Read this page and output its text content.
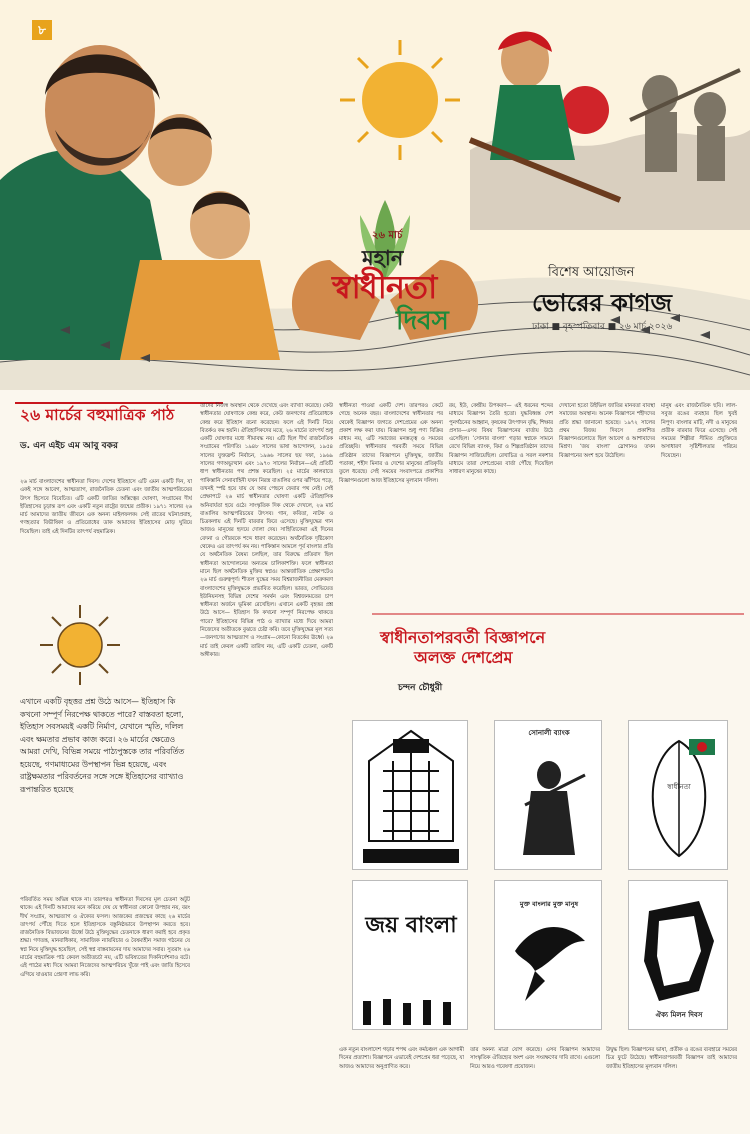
৮
২৬ মার্চ
মহান
স্বাধীনতা
দিবস
বিশেষ আয়োজন
ভোরের কাগজ
ঢাকা ■ বৃহস্পতিবার ■ ২৬ মার্চ ২০২৬
২৬ মার্চের বহুমাত্রিক পাঠ
ড. এন এইচ এম আবু বকর
২৬ মার্চ বাংলাদেশের স্বাধীনতা দিবস। দেশের ইতিহাসে এটি এমন একটি দিন, যা একই সঙ্গে আবেগ, আত্মত্যাগ, রাজনৈতিক চেতনা এবং জাতীয় আত্মপরিচয়ের উৎস হিসেবে বিবেচিত। এটি একটি জাতির অস্তিত্বের ঘোষণা, সংগ্রামের দীর্ঘ ইতিহাসের চূড়ান্ত রূপ এবং একটি নতুন রাষ্ট্রের জন্মের প্রতীক। ১৯৭১ সালের ২৬ মার্চ আমাদের জাতীয় জীবনে এক অনন্য মাইলফলক। সেই রাতের ঘটনাপ্রবাহ, গণহত্যার বিভীষিকা ও প্রতিরোধের ডাক আমাদের ইতিহাসের মোড় ঘুরিয়ে দিয়েছিল। তাই এই দিনটির তাৎপর্য বহুমাত্রিক।
এখানে একটি বৃহত্তর প্রশ্ন উঠে আসে— ইতিহাস কি কখনো সম্পূর্ণ নিরপেক্ষ থাকতে পারে? বাস্তবতা হলো, ইতিহাস সবসময়ই একটি নির্মাণ, যেখানে স্মৃতি, দলিল এবং ক্ষমতার প্রভাব কাজ করে। ২৬ মার্চের ক্ষেত্রেও আমরা দেখি, বিভিন্ন সময়ে পাঠ্যপুস্তকে তার পরিবর্তিত হয়েছে, গণমাধ্যমের উপস্থাপন ভিন্ন হয়েছে, এবং রাষ্ট্রক্ষমতার পরিবর্তনের সঙ্গে সঙ্গে ইতিহাসের ব্যাখ্যাও রূপান্তরিত হয়েছে
পরিবর্তিত সময় অভিন্ন থাকে না। তারপরও স্বাধীনতা দিবসের মূল চেতনা অটুট থাকে। এই দিনটি আমাদের মনে করিয়ে দেয় যে স্বাধীনতা কোনো উপহার নয়, বরং দীর্ঘ সংগ্রাম, আত্মত্যাগ ও ঐক্যের ফসল। আজকের প্রজন্মের কাছে ২৬ মার্চের তাৎপর্য পৌঁছে দিতে হলে ইতিহাসকে বস্তুনিষ্ঠভাবে উপস্থাপন করতে হবে। রাজনৈতিক বিভাজনের ঊর্ধ্বে উঠে মুক্তিযুদ্ধের চেতনাকে ধারণ করাই হবে প্রকৃত শ্রদ্ধা। গণতন্ত্র, মানবাধিকার, সামাজিক ন্যায়বিচার ও বৈষম্যহীন সমাজ গঠনের যে স্বপ্ন নিয়ে মুক্তিযুদ্ধ হয়েছিল, সেই স্বপ্ন বাস্তবায়নের দায় আমাদের সবার। সুতরাং ২৬ মার্চের বহুমাত্রিক পাঠ কেবল অতীতচর্চা নয়, এটি ভবিষ্যতের দিকনির্দেশনাও বটে। এই পাঠের মধ্য দিয়ে আমরা নিজেদের আত্মপরিচয় খুঁজে পাই এবং জাতি হিসেবে এগিয়ে যাওয়ার প্রেরণা লাভ করি।
তাদের নিজস্ব অবস্থান থেকে দেখেছে এবং ব্যাখ্যা করেছে। কেউ স্বাধীনতার ঘোষণাকে কেন্দ্র করে, কেউ জনগণের প্রতিরোধকে কেন্দ্র করে ইতিহাস রচনা করেছেন। ফলে এই দিনটি নিয়ে বিতর্কও কম হয়নি। ঐতিহাসিকদের মতে, ২৬ মার্চের তাৎপর্য শুধু একটি ঘোষণার মধ্যে সীমাবদ্ধ নয়। এটি ছিল দীর্ঘ রাজনৈতিক সংগ্রামের পরিণতি। ১৯৪৮ সালের ভাষা আন্দোলন, ১৯৫৪ সালের যুক্তফ্রন্ট নির্বাচন, ১৯৬৬ সালের ছয় দফা, ১৯৬৯ সালের গণঅভ্যুত্থান এবং ১৯৭০ সালের নির্বাচন—এই প্রতিটি ধাপ স্বাধীনতার পথ প্রশস্ত করেছিল। ২৫ মার্চের কালরাতে পাকিস্তানি সেনাবাহিনী যখন নিরস্ত্র বাঙালির ওপর ঝাঁপিয়ে পড়ে, তখনই স্পষ্ট হয়ে যায় যে আর পেছনে ফেরার পথ নেই। সেই প্রেক্ষাপটে ২৬ মার্চ স্বাধীনতার ঘোষণা একটি ঐতিহাসিক অনিবার্যতা হয়ে ওঠে। সাংস্কৃতিক দিক থেকে দেখলে, ২৬ মার্চ বাঙালির আত্মপরিচয়ের উৎসব। গান, কবিতা, নাটক ও চিত্রকলায় এই দিনটি বারবার ফিরে এসেছে। মুক্তিযুদ্ধের গান আজও মানুষের হৃদয়ে দোলা দেয়। সাহিত্যিকেরা এই দিনের বেদনা ও গৌরবকে শব্দে ধারণ করেছেন। অর্থনৈতিক দৃষ্টিকোণ থেকেও এর তাৎপর্য কম নয়। পাকিস্তান আমলে পূর্ব বাংলার প্রতি যে অর্থনৈতিক বৈষম্য চলছিল, তার বিরুদ্ধে প্রতিবাদ ছিল স্বাধীনতা আন্দোলনের অন্যতম চালিকাশক্তি। ফলে স্বাধীনতা মানে ছিল অর্থনৈতিক মুক্তির স্বপ্নও। আন্তর্জাতিক প্রেক্ষাপটেও ২৬ মার্চ গুরুত্বপূর্ণ। শীতল যুদ্ধের সময় বিশ্বরাজনীতির মেরুকরণ বাংলাদেশের মুক্তিযুদ্ধকে প্রভাবিত করেছিল। ভারত, সোভিয়েত ইউনিয়নসহ বিভিন্ন দেশের সমর্থন এবং বিশ্বজনমতের চাপ স্বাধীনতা অর্জনে ভূমিকা রেখেছিল। এখানে একটি বৃহত্তর প্রশ্ন উঠে আসে— ইতিহাস কি কখনো সম্পূর্ণ নিরপেক্ষ থাকতে পারে? ইতিহাসের বিভিন্ন পাঠ ও ব্যাখ্যার মধ্যে দিয়ে আমরা নিজেদের অতীতকে বুঝতে চেষ্টা করি। তবে মুক্তিযুদ্ধের মূল সত্য—জনগণের আত্মত্যাগ ও সংগ্রাম—কোনো বিতর্কের ঊর্ধ্বে। ২৬ মার্চ তাই কেবল একটি তারিখ নয়, এটি একটি চেতনা, একটি অঙ্গীকার।
স্বাধীনতা পাওয়া একটি দেশ। তারপরও কেটে গেছে অনেক বছর। বাংলাদেশের স্বাধীনতার পর থেকেই বিজ্ঞাপন জগতে দেশপ্রেমের এক অনন্য প্রকাশ লক্ষ করা যায়। বিজ্ঞাপন শুধু পণ্য বিক্রির মাধ্যম নয়, এটি সমাজের মনস্তত্ত্ব ও সময়ের প্রতিচ্ছবি। স্বাধীনতার পরবর্তী সময়ে বিভিন্ন প্রতিষ্ঠান তাদের বিজ্ঞাপনে মুক্তিযুদ্ধ, জাতীয় পতাকা, শহীদ মিনার ও দেশের মানুষের প্রতিকৃতি তুলে ধরেছে। সেই সময়ের সংবাদপত্রে প্রকাশিত বিজ্ঞাপনগুলো আজ ইতিহাসের মূল্যবান দলিল।
রয়, ইউ, কেন্দ্রীয় উপকরণ— এই ধরনের শব্দের মাধ্যমে বিজ্ঞাপন তৈরি হতো। যুদ্ধবিধ্বস্ত দেশ পুনর্গঠনের আহ্বান, কৃষকের উৎপাদন বৃদ্ধি, শিক্ষার প্রসার—এসব বিষয় বিজ্ঞাপনের বার্তায় উঠে এসেছিল। ‘সোনার বাংলা’ গড়ার স্বপ্নকে সামনে রেখে বিভিন্ন ব্যাংক, বিমা ও শিল্পপ্রতিষ্ঠান তাদের বিজ্ঞাপন সাজিয়েছিল। রেখাচিত্র ও সরল নকশার মাধ্যমে তারা দেশপ্রেমের বার্তা পৌঁছে দিয়েছিল সাধারণ মানুষের কাছে।
দেখানো হতো উইভিল জাতির মানবতা বাবস্থা সমাজের অবস্থান। অনেক বিজ্ঞাপনে শহীদদের প্রতি শ্রদ্ধা জানানো হয়েছে। ১৯৭২ সালের প্রথম বিজয় দিবসে প্রকাশিত বিজ্ঞাপনগুলোতে ছিল আবেগ ও আশাবাদের মিশ্রণ। ‘জয় বাংলা’ স্লোগানও তখন বিজ্ঞাপনের অংশ হয়ে উঠেছিল।
মানুষ এবং রাজনৈতিক ছবি। লাল-সবুজ রঙের ব্যবহার ছিল খুবই নিপুণ। বাংলার মাটি, নদী ও মানুষের প্রতীক বারবার ফিরে এসেছে। সেই সময়ের শিল্পীরা সীমিত প্রযুক্তিতে অসাধারণ সৃষ্টিশীলতার পরিচয় দিয়েছেন।
স্বাধীনতাপরবর্তী বিজ্ঞাপনে
অলক্ত দেশপ্রেম
চন্দন চৌধুরী
সোনালী ব্যাংক
স্বাধীনতা
জয় বাংলা
মুক্ত বাংলার মুক্ত মানুষ
ঐক্য মিলন দিবস
এক নতুন বাংলাদেশ গড়ার শপথ এবং কর্মচঞ্চল এক আগামী দিনের প্রত্যাশা। বিজ্ঞাপনে এভাবেই দেশপ্রেম ধরা পড়েছে, যা আজও আমাদের অনুপ্রাণিত করে।
তার অনন্য মাত্রা যোগ করেছে। এসব বিজ্ঞাপন আমাদের সাংস্কৃতিক ঐতিহ্যের অংশ এবং সংরক্ষণের দাবি রাখে। এগুলো নিয়ে আরও গবেষণা প্রয়োজন।
উদ্বুদ্ধ ছিল। বিজ্ঞাপনের ভাষা, প্রতীক ও রঙের ব্যবহারে সময়ের চিত্র ফুটে উঠেছে। স্বাধীনতাপরবর্তী বিজ্ঞাপন তাই আমাদের জাতীয় ইতিহাসের মূল্যবান দলিল।
